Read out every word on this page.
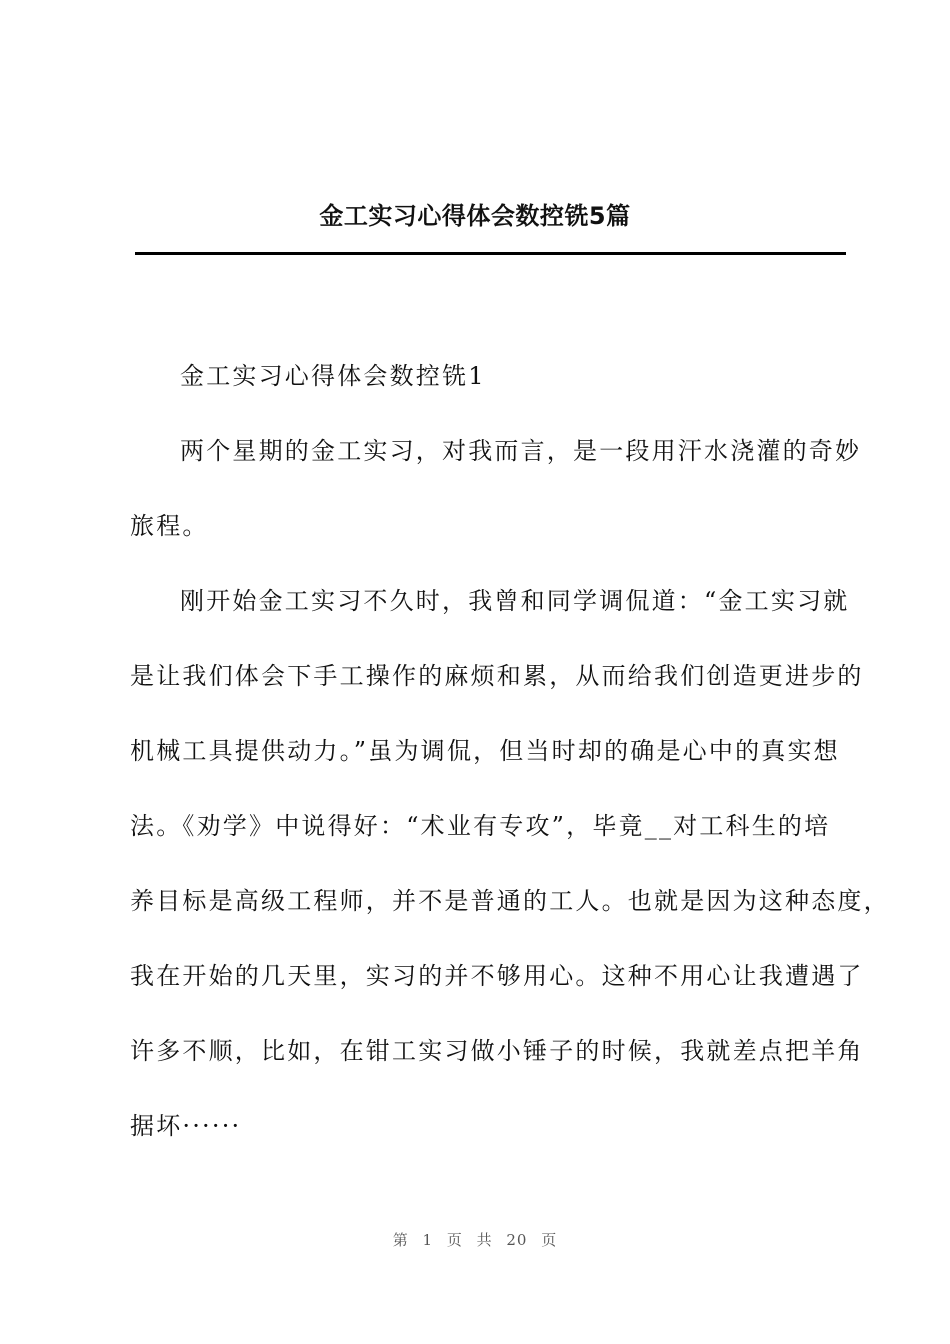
金工实习心得体会数控铣5篇
金工实习心得体会数控铣1
两个星期的金工实习，对我而言，是一段用汗水浇灌的奇妙
旅程。
刚开始金工实习不久时，我曾和同学调侃道：“金工实习就
是让我们体会下手工操作的麻烦和累，从而给我们创造更进步的
机械工具提供动力。”虽为调侃，但当时却的确是心中的真实想
法。《劝学》中说得好：“术业有专攻”，毕竟__对工科生的培
养目标是高级工程师，并不是普通的工人。也就是因为这种态度，
我在开始的几天里，实习的并不够用心。这种不用心让我遭遇了
许多不顺，比如，在钳工实习做小锤子的时候，我就差点把羊角
据坏······
第 1 页 共 20 页
